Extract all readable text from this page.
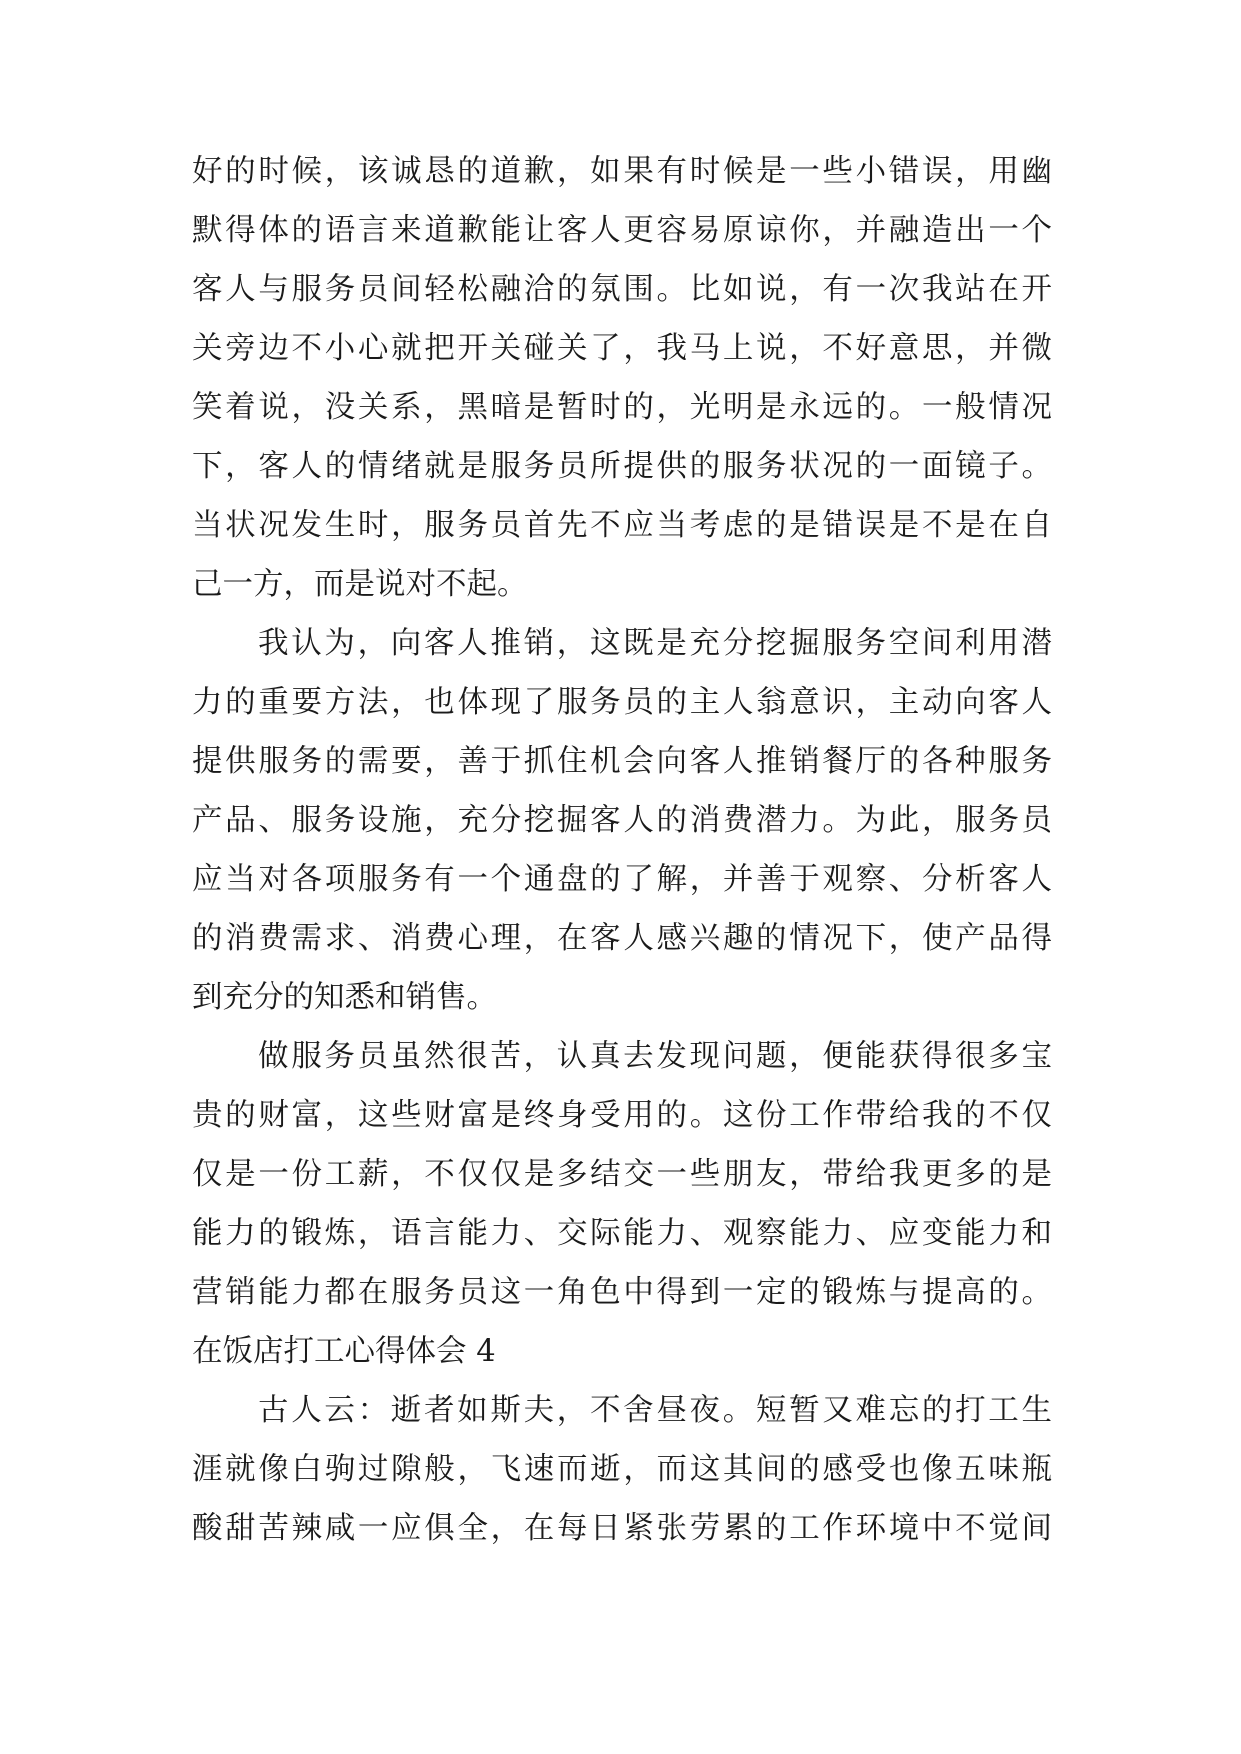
好的时候，该诚恳的道歉，如果有时候是一些小错误，用幽
默得体的语言来道歉能让客人更容易原谅你，并融造出一个
客人与服务员间轻松融洽的氛围。比如说，有一次我站在开
关旁边不小心就把开关碰关了，我马上说，不好意思，并微
笑着说，没关系，黑暗是暂时的，光明是永远的。一般情况
下，客人的情绪就是服务员所提供的服务状况的一面镜子。
当状况发生时，服务员首先不应当考虑的是错误是不是在自
己一方，而是说对不起。
我认为，向客人推销，这既是充分挖掘服务空间利用潜
力的重要方法，也体现了服务员的主人翁意识，主动向客人
提供服务的需要，善于抓住机会向客人推销餐厅的各种服务
产品、服务设施，充分挖掘客人的消费潜力。为此，服务员
应当对各项服务有一个通盘的了解，并善于观察、分析客人
的消费需求、消费心理，在客人感兴趣的情况下，使产品得
到充分的知悉和销售。
做服务员虽然很苦，认真去发现问题，便能获得很多宝
贵的财富，这些财富是终身受用的。这份工作带给我的不仅
仅是一份工薪，不仅仅是多结交一些朋友，带给我更多的是
能力的锻炼，语言能力、交际能力、观察能力、应变能力和
营销能力都在服务员这一角色中得到一定的锻炼与提高的。
在饭店打工心得体会 4
古人云：逝者如斯夫，不舍昼夜。短暂又难忘的打工生
涯就像白驹过隙般，飞速而逝，而这其间的感受也像五味瓶
酸甜苦辣咸一应俱全，在每日紧张劳累的工作环境中不觉间
